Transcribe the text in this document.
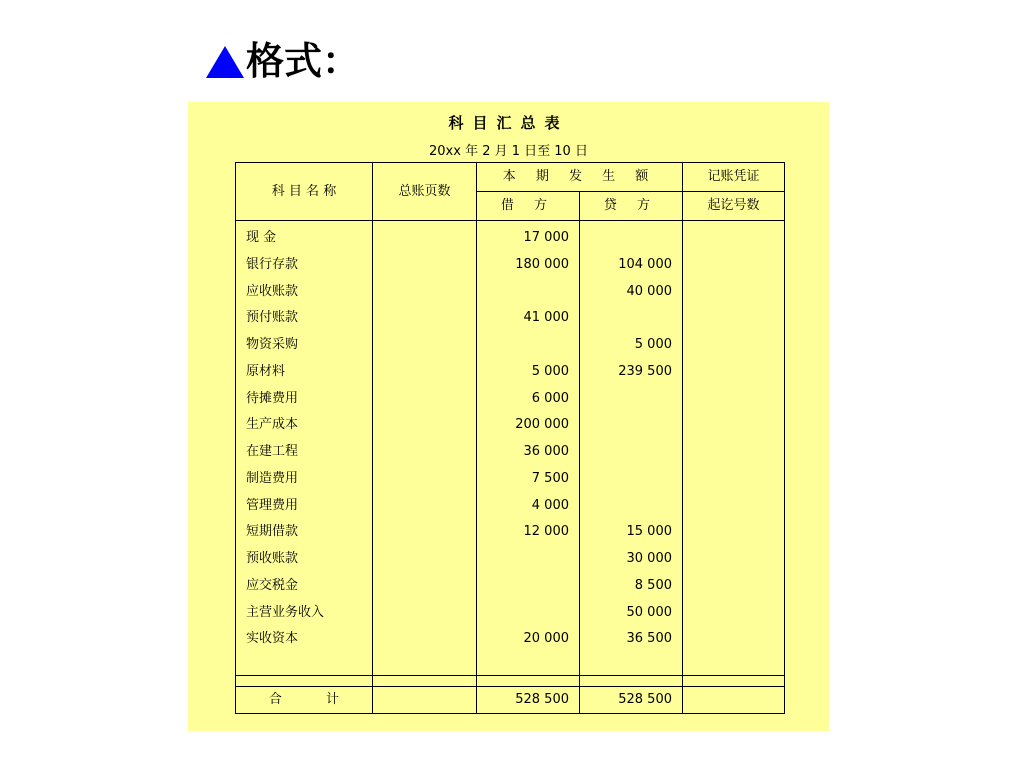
格式：
科目汇总表
20xx 年 2 月 1 日至 10 日
科 目 名 称	总账页数	本 期 发 生 额		记账凭证
		借 方	贷 方	起讫号数
现 金		17 000		
银行存款		180 000	104 000	
应收账款			40 000	
预付账款		41 000		
物资采购			5 000	
原材料		5 000	239 500	
待摊费用		6 000		
生产成本		200 000		
在建工程		36 000		
制造费用		7 500		
管理费用		4 000		
短期借款		12 000	15 000	
预收账款			30 000	
应交税金			8 500	
主营业务收入			50 000	
实收资本		20 000	36 500	

合 计		528 500	528 500	
